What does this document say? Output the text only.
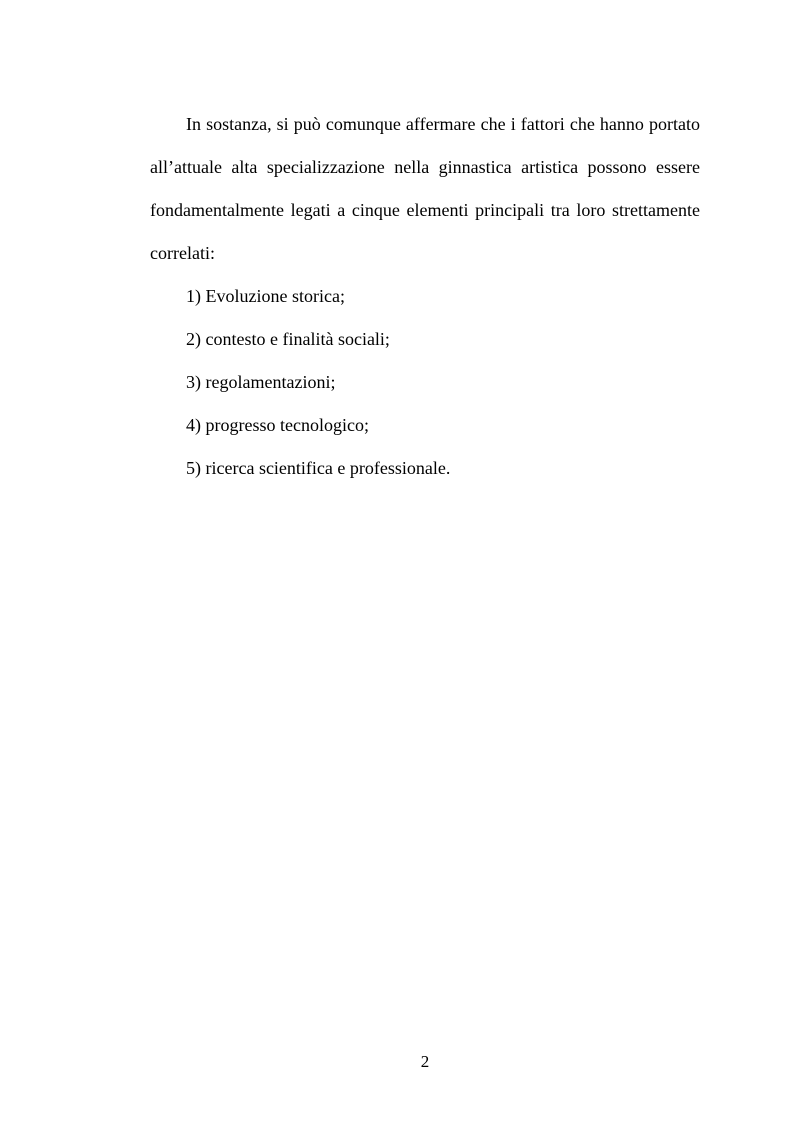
In sostanza, si può comunque affermare che i fattori che hanno portato all’attuale alta specializzazione nella ginnastica artistica possono essere fondamentalmente legati a cinque elementi principali tra loro strettamente correlati:

1) Evoluzione storica;
2) contesto e finalità sociali;
3) regolamentazioni;
4) progresso tecnologico;
5) ricerca scientifica e professionale.
2
